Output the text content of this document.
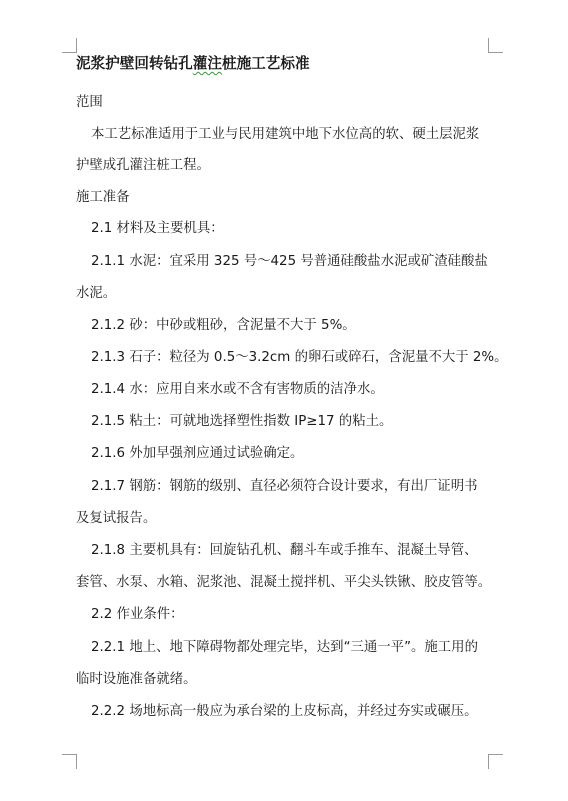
泥浆护壁回转钻孔灌注桩施工艺标准
范围
本工艺标准适用于工业与民用建筑中地下水位高的软、硬土层泥浆
护壁成孔灌注桩工程。
施工准备
2.1 材料及主要机具：
2.1.1 水泥：宜采用 325 号～425 号普通硅酸盐水泥或矿渣硅酸盐
水泥。
2.1.2 砂：中砂或粗砂，含泥量不大于 5%。
2.1.3 石子：粒径为 0.5～3.2cm 的卵石或碎石，含泥量不大于 2%。
2.1.4 水：应用自来水或不含有害物质的洁净水。
2.1.5 粘土：可就地选择塑性指数 IP≥17 的粘土。
2.1.6 外加早强剂应通过试验确定。
2.1.7 钢筋：钢筋的级别、直径必须符合设计要求，有出厂证明书
及复试报告。
2.1.8 主要机具有：回旋钻孔机、翻斗车或手推车、混凝土导管、
套管、水泵、水箱、泥浆池、混凝土搅拌机、平尖头铁锹、胶皮管等。
2.2 作业条件：
2.2.1 地上、地下障碍物都处理完毕，达到“三通一平”。施工用的
临时设施准备就绪。
2.2.2 场地标高一般应为承台梁的上皮标高，并经过夯实或碾压。
